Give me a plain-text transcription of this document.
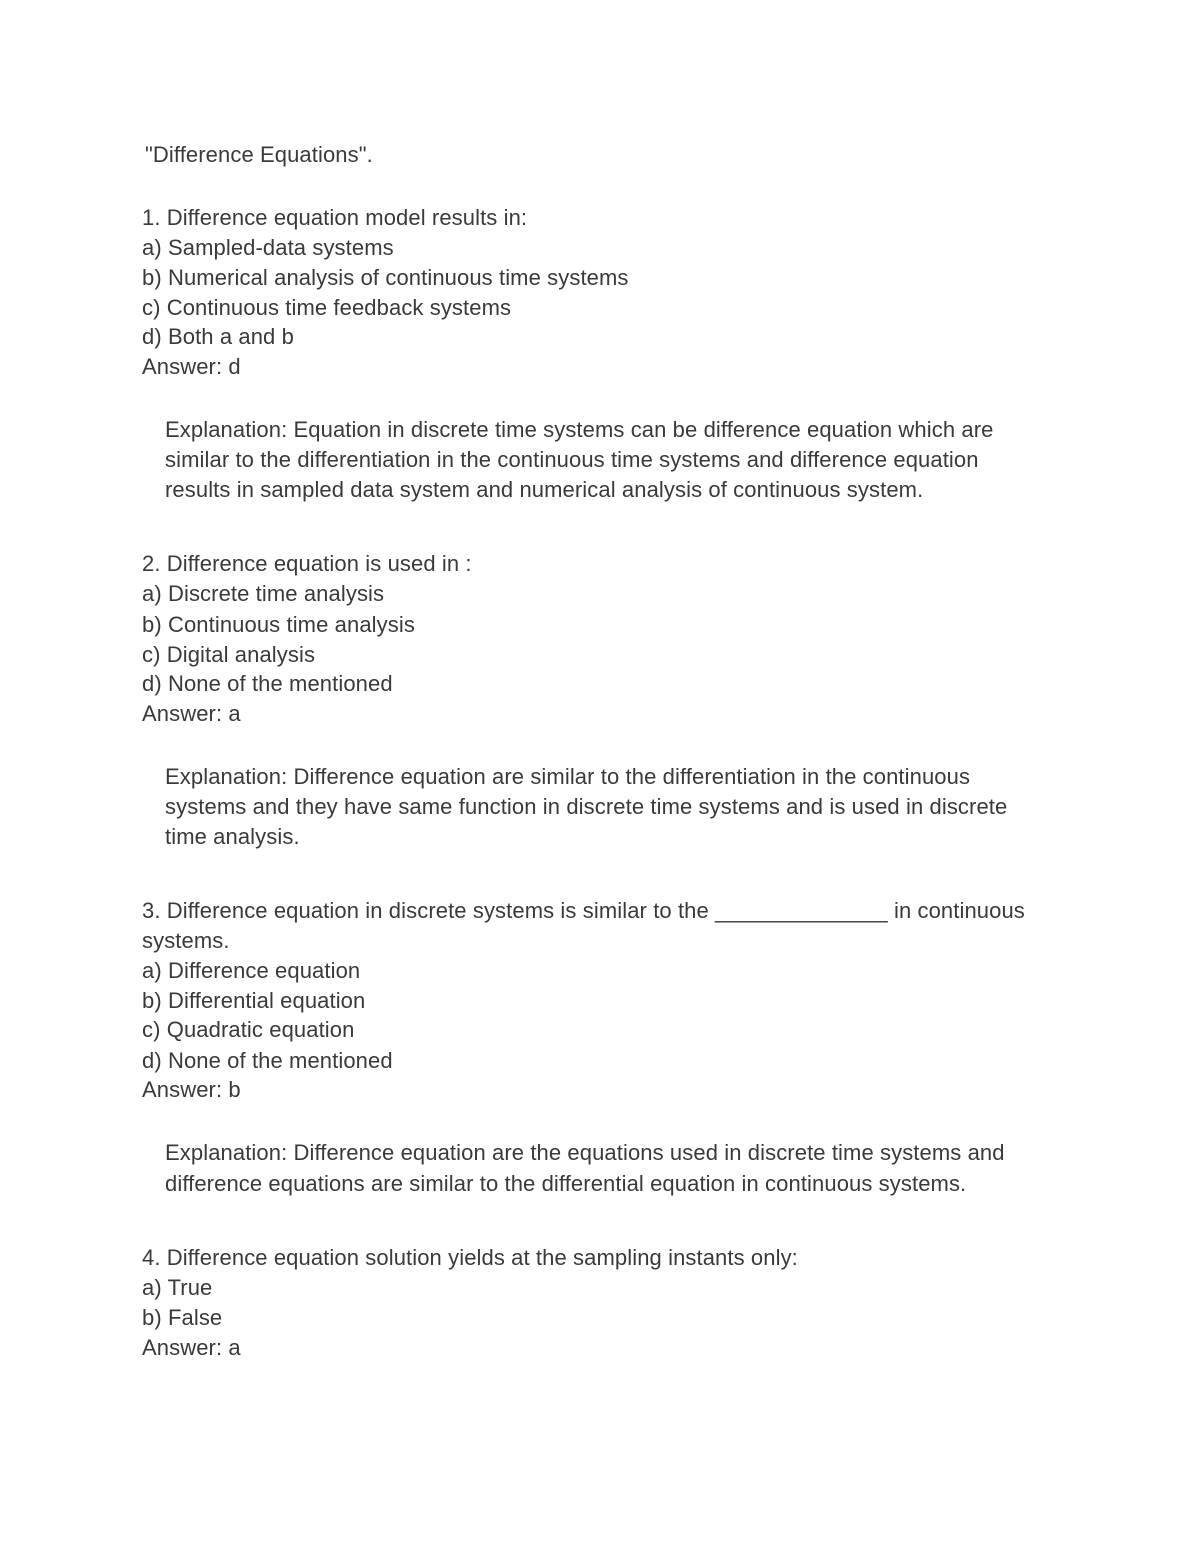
"Difference Equations".
1. Difference equation model results in:
a) Sampled-data systems
b) Numerical analysis of continuous time systems
c) Continuous time feedback systems
d) Both a and b
Answer: d
Explanation: Equation in discrete time systems can be difference equation which are
similar to the differentiation in the continuous time systems and difference equation
results in sampled data system and numerical analysis of continuous system.
2. Difference equation is used in :
a) Discrete time analysis
b) Continuous time analysis
c) Digital analysis
d) None of the mentioned
Answer: a
Explanation: Difference equation are similar to the differentiation in the continuous
systems and they have same function in discrete time systems and is used in discrete
time analysis.
3. Difference equation in discrete systems is similar to the ______________ in continuous
systems.
a) Difference equation
b) Differential equation
c) Quadratic equation
d) None of the mentioned
Answer: b
Explanation: Difference equation are the equations used in discrete time systems and
difference equations are similar to the differential equation in continuous systems.
4. Difference equation solution yields at the sampling instants only:
a) True
b) False
Answer: a
